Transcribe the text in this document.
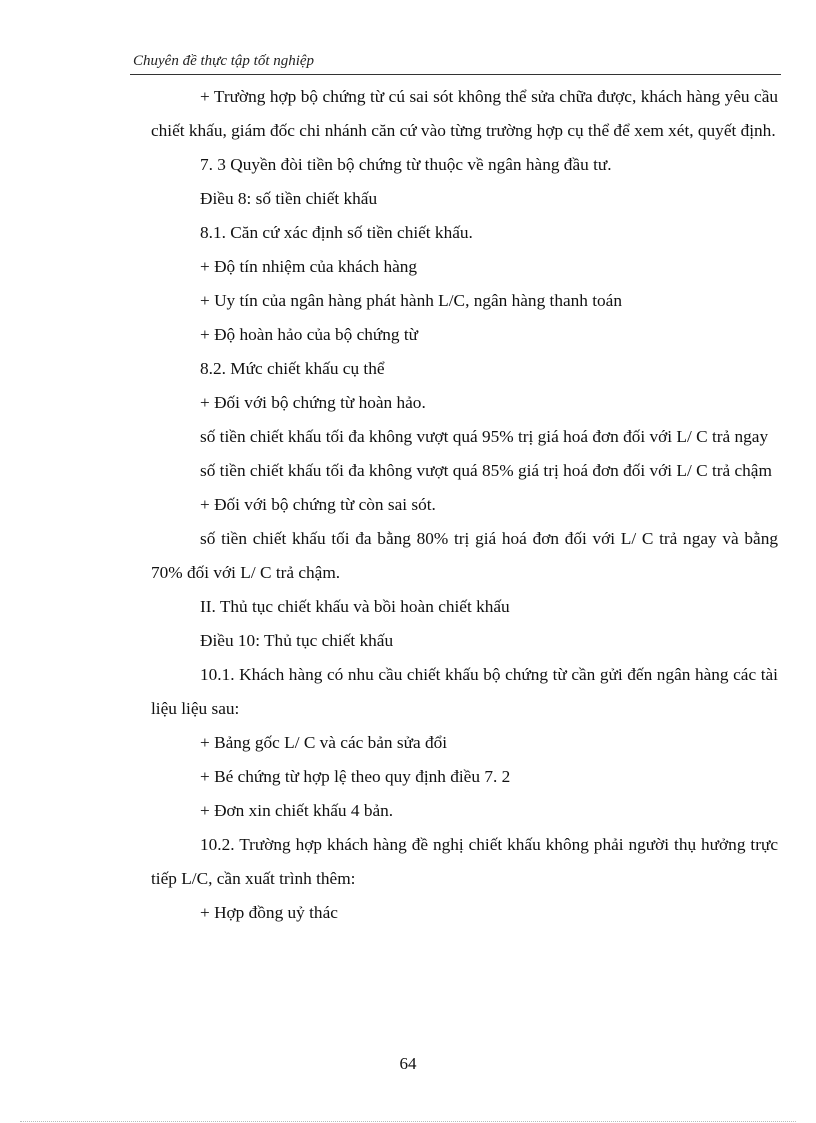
Chuyên đề thực tập tốt nghiệp

+ Trường hợp bộ chứng từ cú sai sót không thể sửa chữa được, khách hàng yêu cầu chiết khấu, giám đốc chi nhánh căn cứ vào từng trường hợp cụ thể để xem xét, quyết định.

7. 3 Quyền đòi tiền bộ chứng từ thuộc về ngân hàng đầu tư.

Điều 8: số tiền chiết khấu

8.1. Căn cứ xác định số tiền chiết khấu.

+ Độ tín nhiệm của khách hàng

+ Uy tín của ngân hàng phát hành L/C, ngân hàng thanh toán

+ Độ hoàn hảo của bộ chứng từ

8.2. Mức chiết khấu cụ thể

+ Đối với bộ chứng từ hoàn hảo.

số tiền chiết khấu tối đa không vượt quá 95% trị giá hoá đơn đối với L/ C trả ngay

số tiền chiết khấu tối đa không vượt quá 85% giá trị hoá đơn đối với L/ C trả chậm

+ Đối với bộ chứng từ còn sai sót.

số tiền chiết khấu tối đa bằng 80% trị giá hoá đơn đối với L/ C trả ngay và bằng 70% đối với L/ C trả chậm.

II. Thủ tục chiết khấu và bồi hoàn chiết khấu

Điều 10: Thủ tục chiết khấu

10.1. Khách hàng có nhu cầu chiết khấu bộ chứng từ cần gửi đến ngân hàng các tài liệu liệu sau:

+ Bảng gốc L/ C và các bản sửa đổi

+ Bé chứng từ hợp lệ theo quy định điều 7. 2

+ Đơn xin chiết khấu 4 bản.

10.2. Trường hợp khách hàng đề nghị chiết khấu không phải người thụ hưởng trực tiếp L/C, cần xuất trình thêm:

+ Hợp đồng uỷ thác

64
